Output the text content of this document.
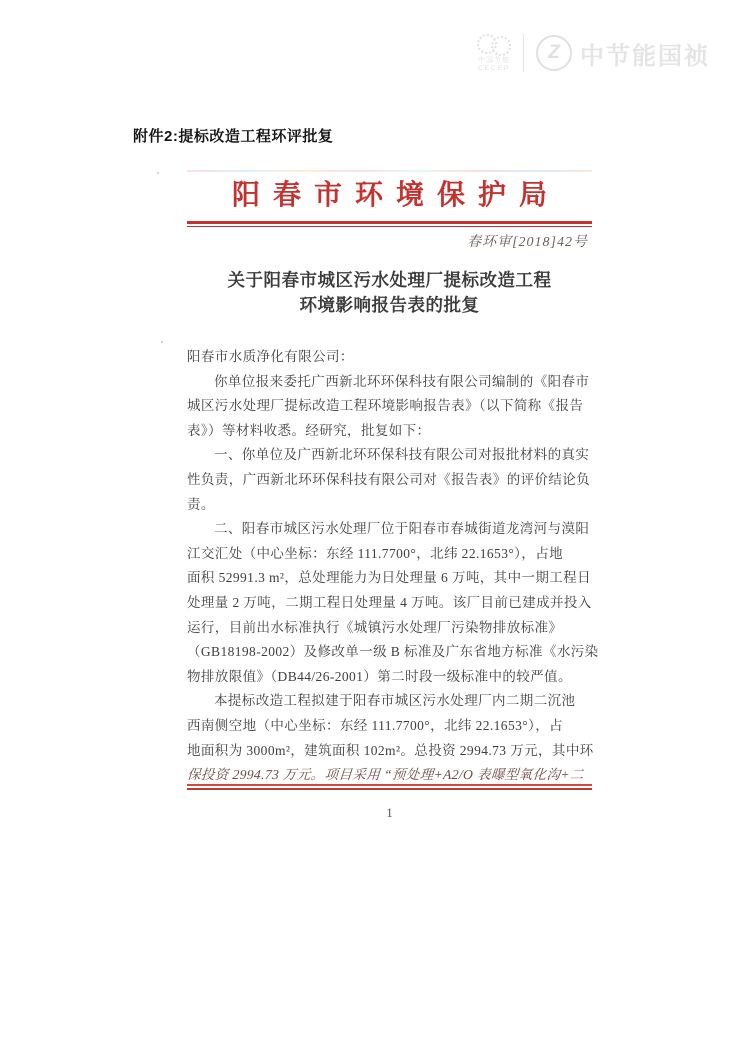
中国节能
CECEP
Z 中节能国祯
附件2:提标改造工程环评批复
'
'
阳春市环境保护局
春环审[2018]42号
关于阳春市城区污水处理厂提标改造工程
环境影响报告表的批复
阳春市水质净化有限公司：
你单位报来委托广西新北环环保科技有限公司编制的《阳春市
城区污水处理厂提标改造工程环境影响报告表》（以下简称《报告
表》）等材料收悉。经研究，批复如下：
一、你单位及广西新北环环保科技有限公司对报批材料的真实
性负责，广西新北环环保科技有限公司对《报告表》的评价结论负
责。
二、阳春市城区污水处理厂位于阳春市春城街道龙湾河与漠阳
江交汇处（中心坐标：东经 111.7700°，北纬 22.1653°），占地
面积 52991.3 m²，总处理能力为日处理量 6 万吨，其中一期工程日
处理量 2 万吨，二期工程日处理量 4 万吨。该厂目前已建成并投入
运行，目前出水标准执行《城镇污水处理厂污染物排放标准》
（GB18198-2002）及修改单一级 B 标准及广东省地方标准《水污染
物排放限值》（DB44/26-2001）第二时段一级标准中的较严值。
本提标改造工程拟建于阳春市城区污水处理厂内二期二沉池
西南侧空地（中心坐标：东经 111.7700°，北纬 22.1653°），占
地面积为 3000m²，建筑面积 102m²。总投资 2994.73 万元，其中环
保投资 2994.73 万元。项目采用 “预处理+A2/O 表曝型氧化沟+二
1
